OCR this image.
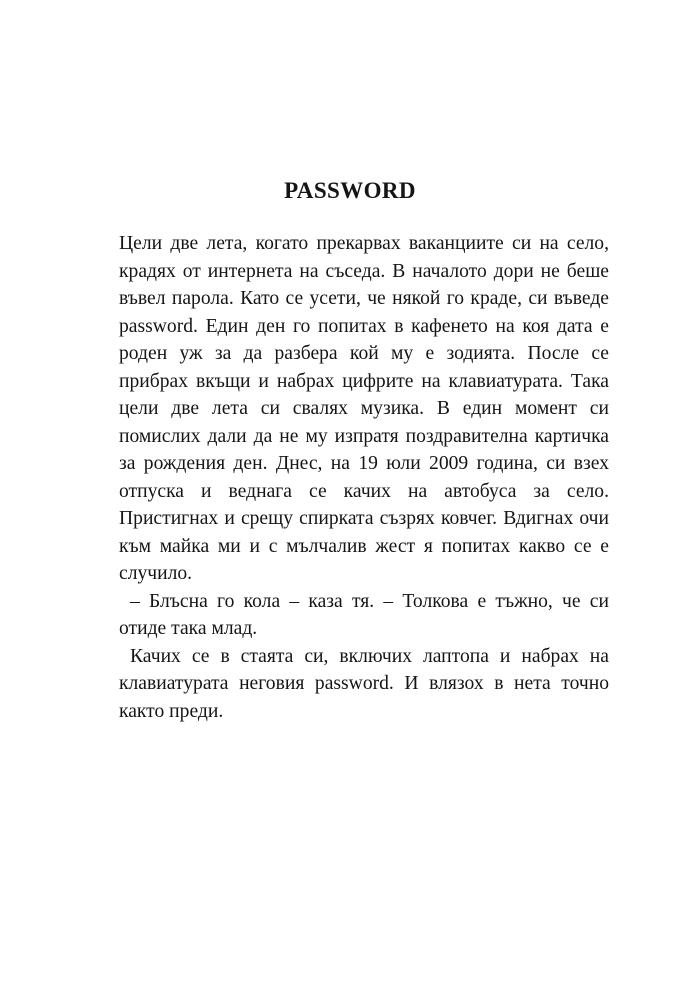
PASSWORD

Цели две лета, когато прекарвах ваканциите си на село, крадях от интернета на съседа. В началото дори не беше въвел парола. Като се усети, че някой го краде, си въведе password. Един ден го попитах в кафенето на коя дата е роден уж за да разбера кой му е зодията. После се прибрах вкъщи и набрах цифрите на клавиатурата. Така цели две лета си свалях музика. В един момент си помислих дали да не му изпратя поздравителна картичка за рождения ден. Днес, на 19 юли 2009 година, си взех отпуска и веднага се качих на автобуса за село. Пристигнах и срещу спирката съзрях ковчег. Вдигнах очи към майка ми и с мълчалив жест я попитах какво се е случило.

– Блъсна го кола – каза тя. – Толкова е тъжно, че си отиде така млад.

Качих се в стаята си, включих лаптопа и набрах на клавиатурата неговия password. И влязох в нета точно както преди.
